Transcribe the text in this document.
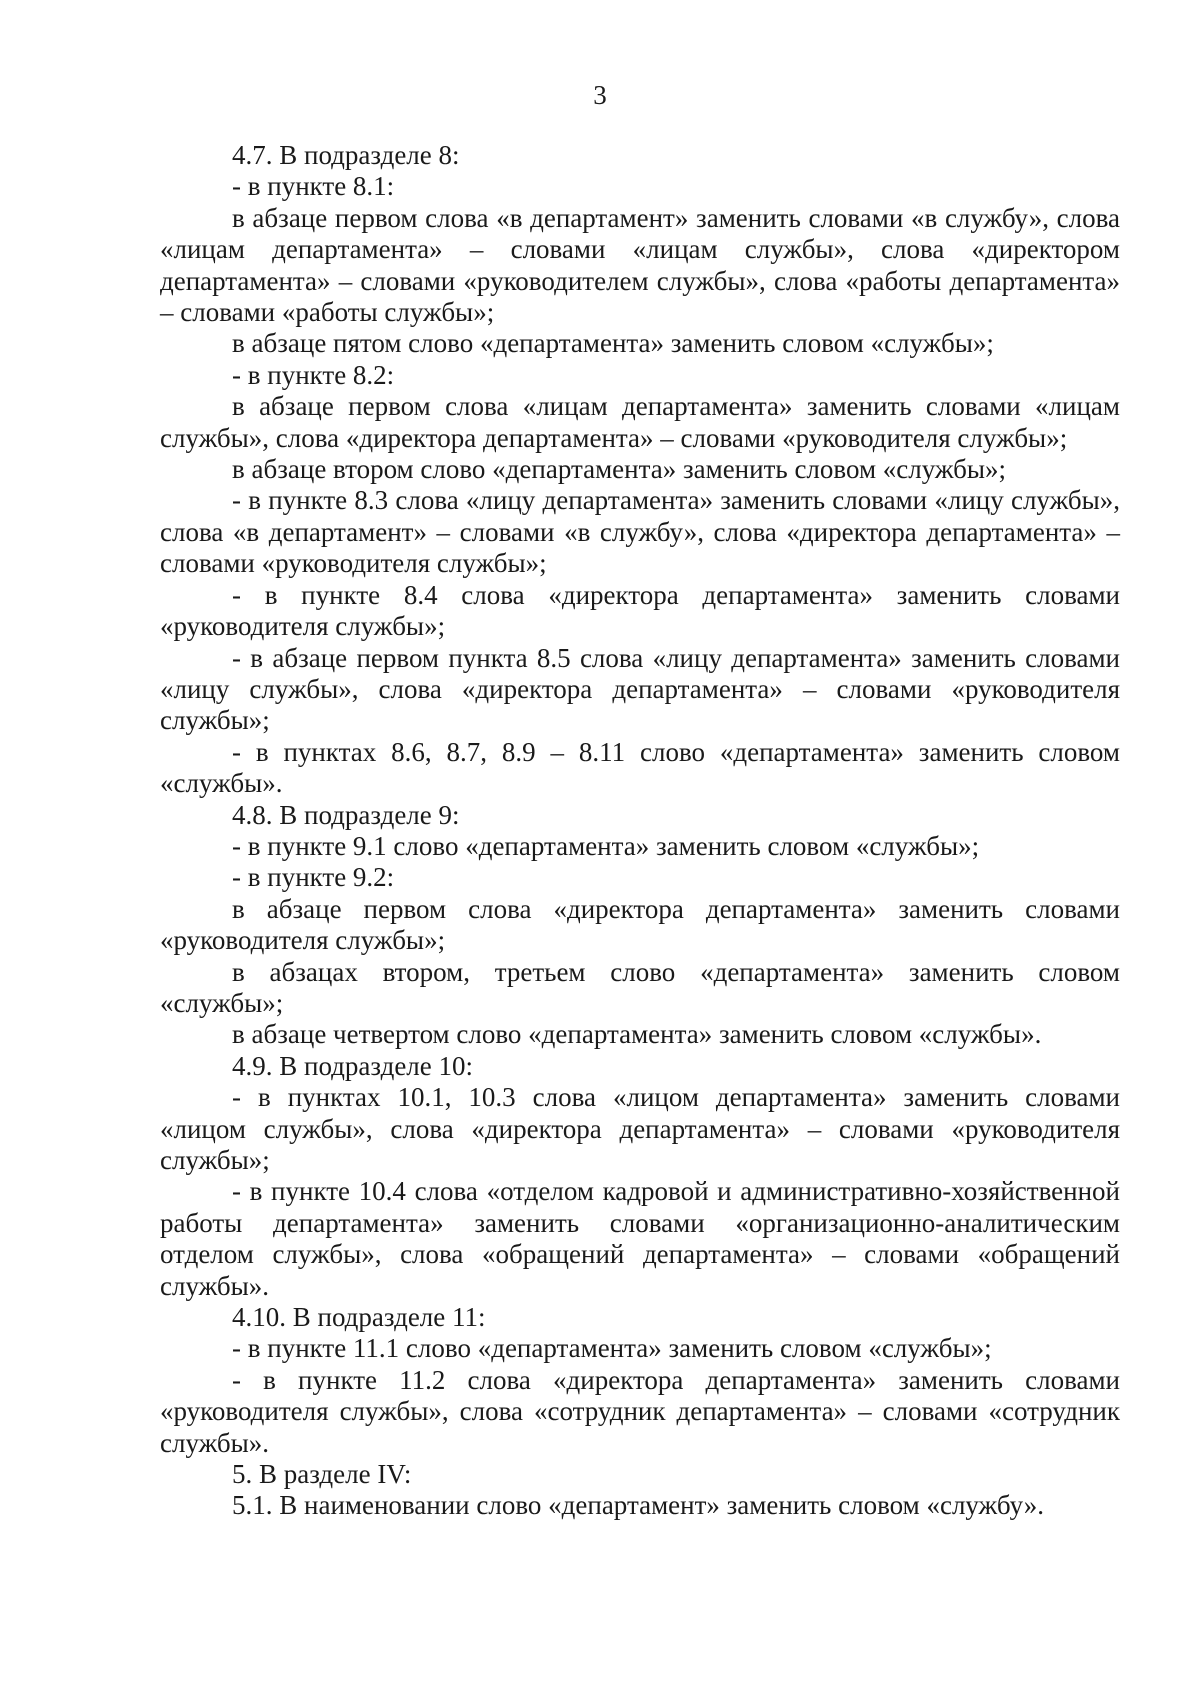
3

4.7. В подразделе 8:

- в пункте 8.1:

в абзаце первом слова «в департамент» заменить словами «в службу», слова «лицам департамента» – словами «лицам службы», слова «директором департамента» – словами «руководителем службы», слова «работы департамента» – словами «работы службы»;

в абзаце пятом слово «департамента» заменить словом «службы»;

- в пункте 8.2:

в абзаце первом слова «лицам департамента» заменить словами «лицам службы», слова «директора департамента» – словами «руководителя службы»;

в абзаце втором слово «департамента» заменить словом «службы»;

- в пункте 8.3 слова «лицу департамента» заменить словами «лицу службы», слова «в департамент» – словами «в службу», слова «директора департамента» – словами «руководителя службы»;

- в пункте 8.4 слова «директора департамента» заменить словами «руководителя службы»;

- в абзаце первом пункта 8.5 слова «лицу департамента» заменить словами «лицу службы», слова «директора департамента» – словами «руководителя службы»;

- в пунктах 8.6, 8.7, 8.9 – 8.11 слово «департамента» заменить словом «службы».

4.8. В подразделе 9:

- в пункте 9.1 слово «департамента» заменить словом «службы»;

- в пункте 9.2:

в абзаце первом слова «директора департамента» заменить словами «руководителя службы»;

в абзацах втором, третьем слово «департамента» заменить словом «службы»;

в абзаце четвертом слово «департамента» заменить словом «службы».

4.9. В подразделе 10:

- в пунктах 10.1, 10.3 слова «лицом департамента» заменить словами «лицом службы», слова «директора департамента» – словами «руководителя службы»;

- в пункте 10.4 слова «отделом кадровой и административно-хозяйственной работы департамента» заменить словами «организационно-аналитическим отделом службы», слова «обращений департамента» – словами «обращений службы».

4.10. В подразделе 11:

- в пункте 11.1 слово «департамента» заменить словом «службы»;

- в пункте 11.2 слова «директора департамента» заменить словами «руководителя службы», слова «сотрудник департамента» – словами «сотрудник службы».

5. В разделе IV:

5.1. В наименовании слово «департамент» заменить словом «службу».
